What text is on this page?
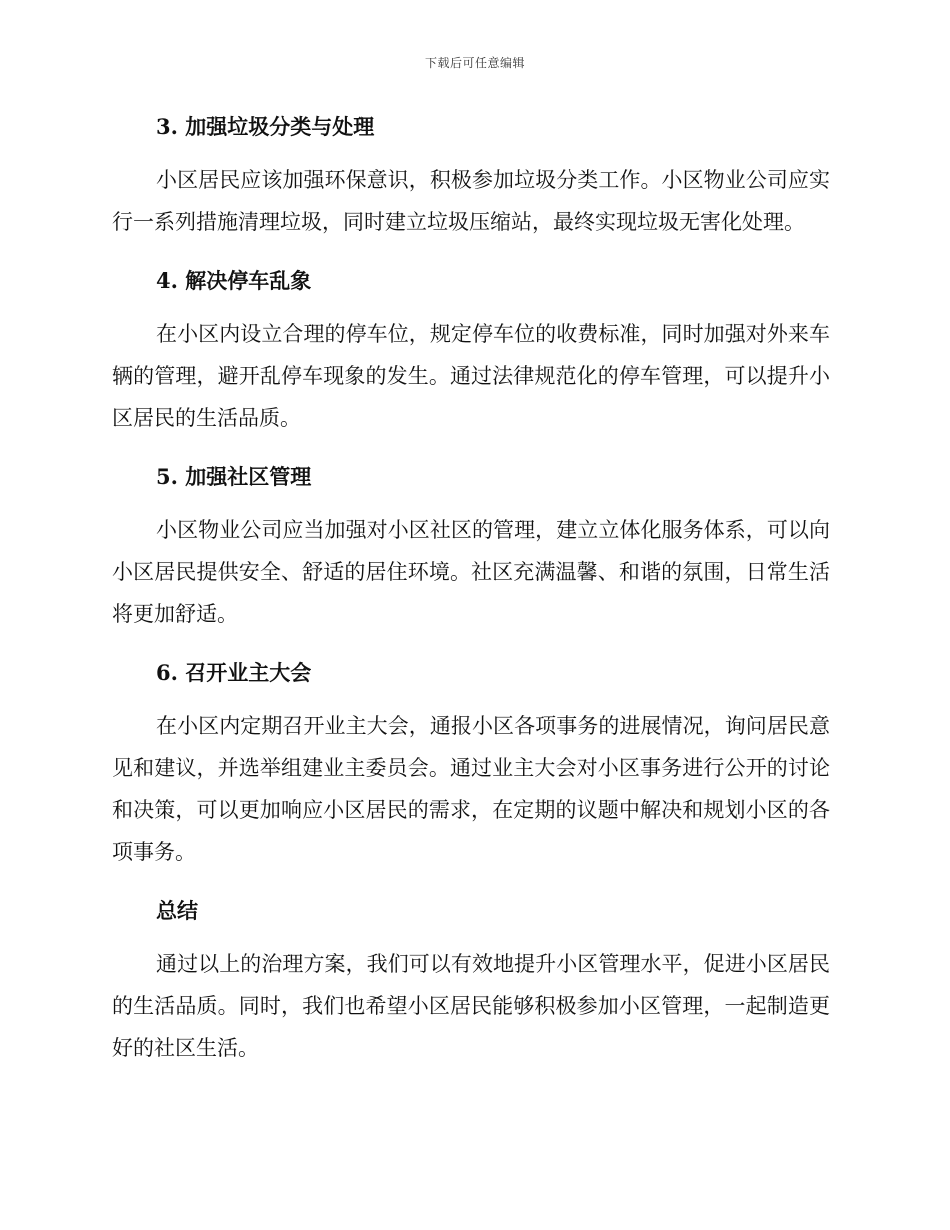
下载后可任意编辑
3. 加强垃圾分类与处理

小区居民应该加强环保意识，积极参加垃圾分类工作。小区物业公司应实行一系列措施清理垃圾，同时建立垃圾压缩站，最终实现垃圾无害化处理。

4. 解决停车乱象

在小区内设立合理的停车位，规定停车位的收费标准，同时加强对外来车辆的管理，避开乱停车现象的发生。通过法律规范化的停车管理，可以提升小区居民的生活品质。

5. 加强社区管理

小区物业公司应当加强对小区社区的管理，建立立体化服务体系，可以向小区居民提供安全、舒适的居住环境。社区充满温馨、和谐的氛围，日常生活将更加舒适。

6. 召开业主大会

在小区内定期召开业主大会，通报小区各项事务的进展情况，询问居民意见和建议，并选举组建业主委员会。通过业主大会对小区事务进行公开的讨论和决策，可以更加响应小区居民的需求，在定期的议题中解决和规划小区的各项事务。

总结

通过以上的治理方案，我们可以有效地提升小区管理水平，促进小区居民的生活品质。同时，我们也希望小区居民能够积极参加小区管理，一起制造更好的社区生活。
